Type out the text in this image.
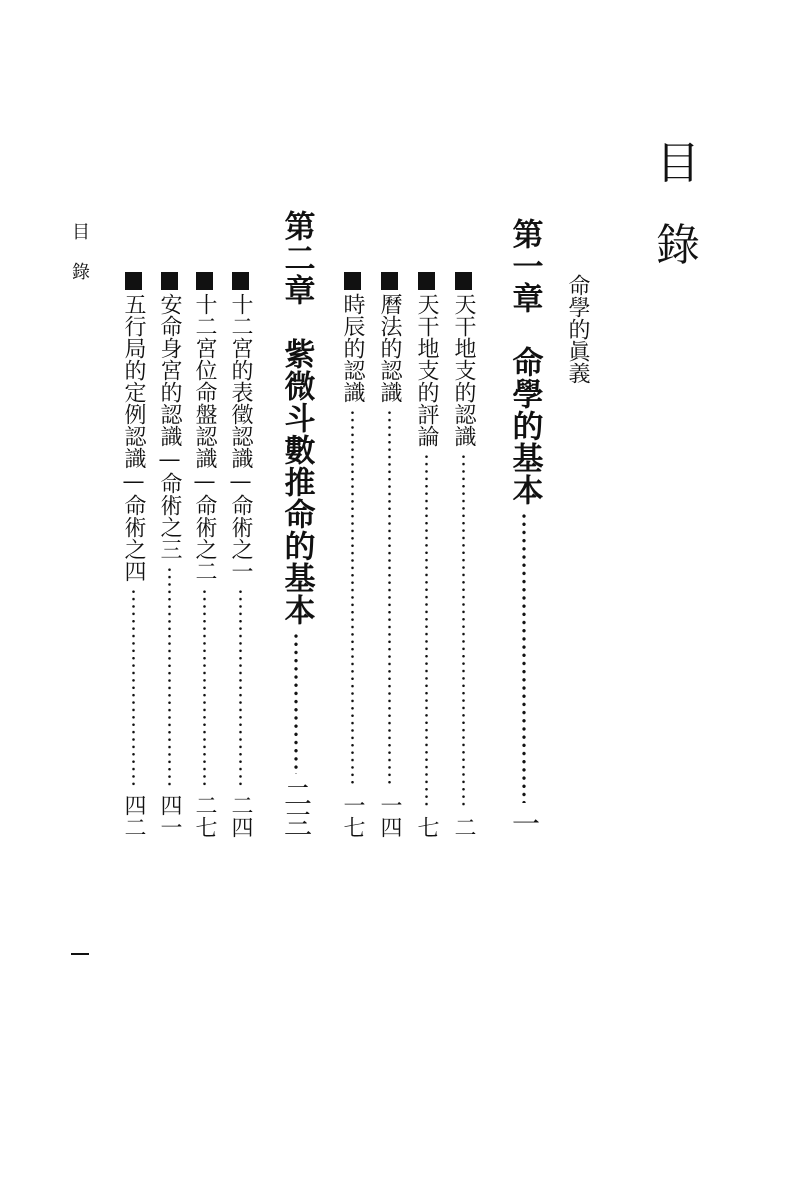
目
錄
命學的眞義
第一章　命學的基本
一
天干地支的認識
二
天干地支的評論
七
曆法的認識
一四
時辰的認識
一七
第二章　紫微斗數推命的基本
二三
十二宮的表徵認識—命術之一
二四
十二宮位命盤認識—命術之二
二七
安命身宮的認識—命術之三
四一
五行局的定例認識—命術之四
四二
目錄
